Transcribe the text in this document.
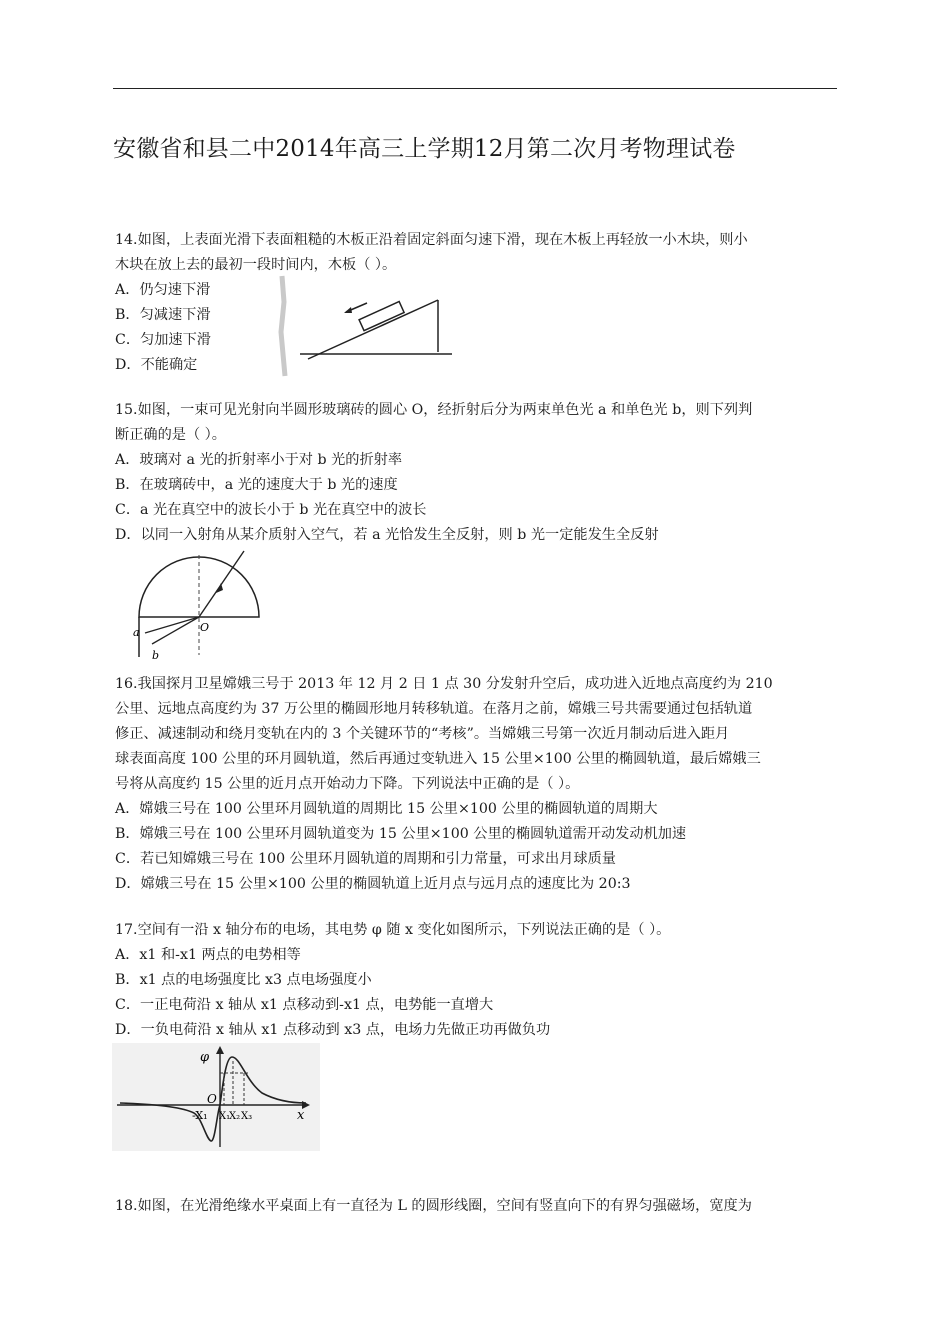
安徽省和县二中2014年高三上学期12月第二次月考物理试卷

14.如图，上表面光滑下表面粗糙的木板正沿着固定斜面匀速下滑，现在木板上再轻放一小木块，则小

木块在放上去的最初一段时间内，木板（ ）。

A．仍匀速下滑

B．匀减速下滑

C．匀加速下滑

D．不能确定

15.如图，一束可见光射向半圆形玻璃砖的圆心 O，经折射后分为两束单色光 a 和单色光 b，则下列判

断正确的是（ ）。

A．玻璃对 a 光的折射率小于对 b 光的折射率

B．在玻璃砖中，a 光的速度大于 b 光的速度

C．a 光在真空中的波长小于 b 光在真空中的波长

D．以同一入射角从某介质射入空气，若 a 光恰发生全反射，则 b 光一定能发生全反射

O
a
b

16.我国探月卫星嫦娥三号于 2013 年 12 月 2 日 1 点 30 分发射升空后，成功进入近地点高度约为 210

公里、远地点高度约为 37 万公里的椭圆形地月转移轨道。在落月之前，嫦娥三号共需要通过包括轨道

修正、减速制动和绕月变轨在内的 3 个关键环节的“考核”。当嫦娥三号第一次近月制动后进入距月

球表面高度 100 公里的环月圆轨道，然后再通过变轨进入 15 公里×100 公里的椭圆轨道，最后嫦娥三

号将从高度约 15 公里的近月点开始动力下降。下列说法中正确的是（ ）。

A．嫦娥三号在 100 公里环月圆轨道的周期比 15 公里×100 公里的椭圆轨道的周期大

B．嫦娥三号在 100 公里环月圆轨道变为 15 公里×100 公里的椭圆轨道需开动发动机加速

C．若已知嫦娥三号在 100 公里环月圆轨道的周期和引力常量，可求出月球质量

D．嫦娥三号在 15 公里×100 公里的椭圆轨道上近月点与远月点的速度比为 20:3

17.空间有一沿 x 轴分布的电场，其电势 φ 随 x 变化如图所示，下列说法正确的是（ ）。

A．x1 和-x1 两点的电势相等

B．x1 点的电场强度比 x3 点电场强度小

C．一正电荷沿 x 轴从 x1 点移动到-x1 点，电势能一直增大

D．一负电荷沿 x 轴从 x1 点移动到 x3 点，电场力先做正功再做负功

φ
O
x
-X₁ X₁
X₂ X₃

18.如图，在光滑绝缘水平桌面上有一直径为 L 的圆形线圈，空间有竖直向下的有界匀强磁场，宽度为
